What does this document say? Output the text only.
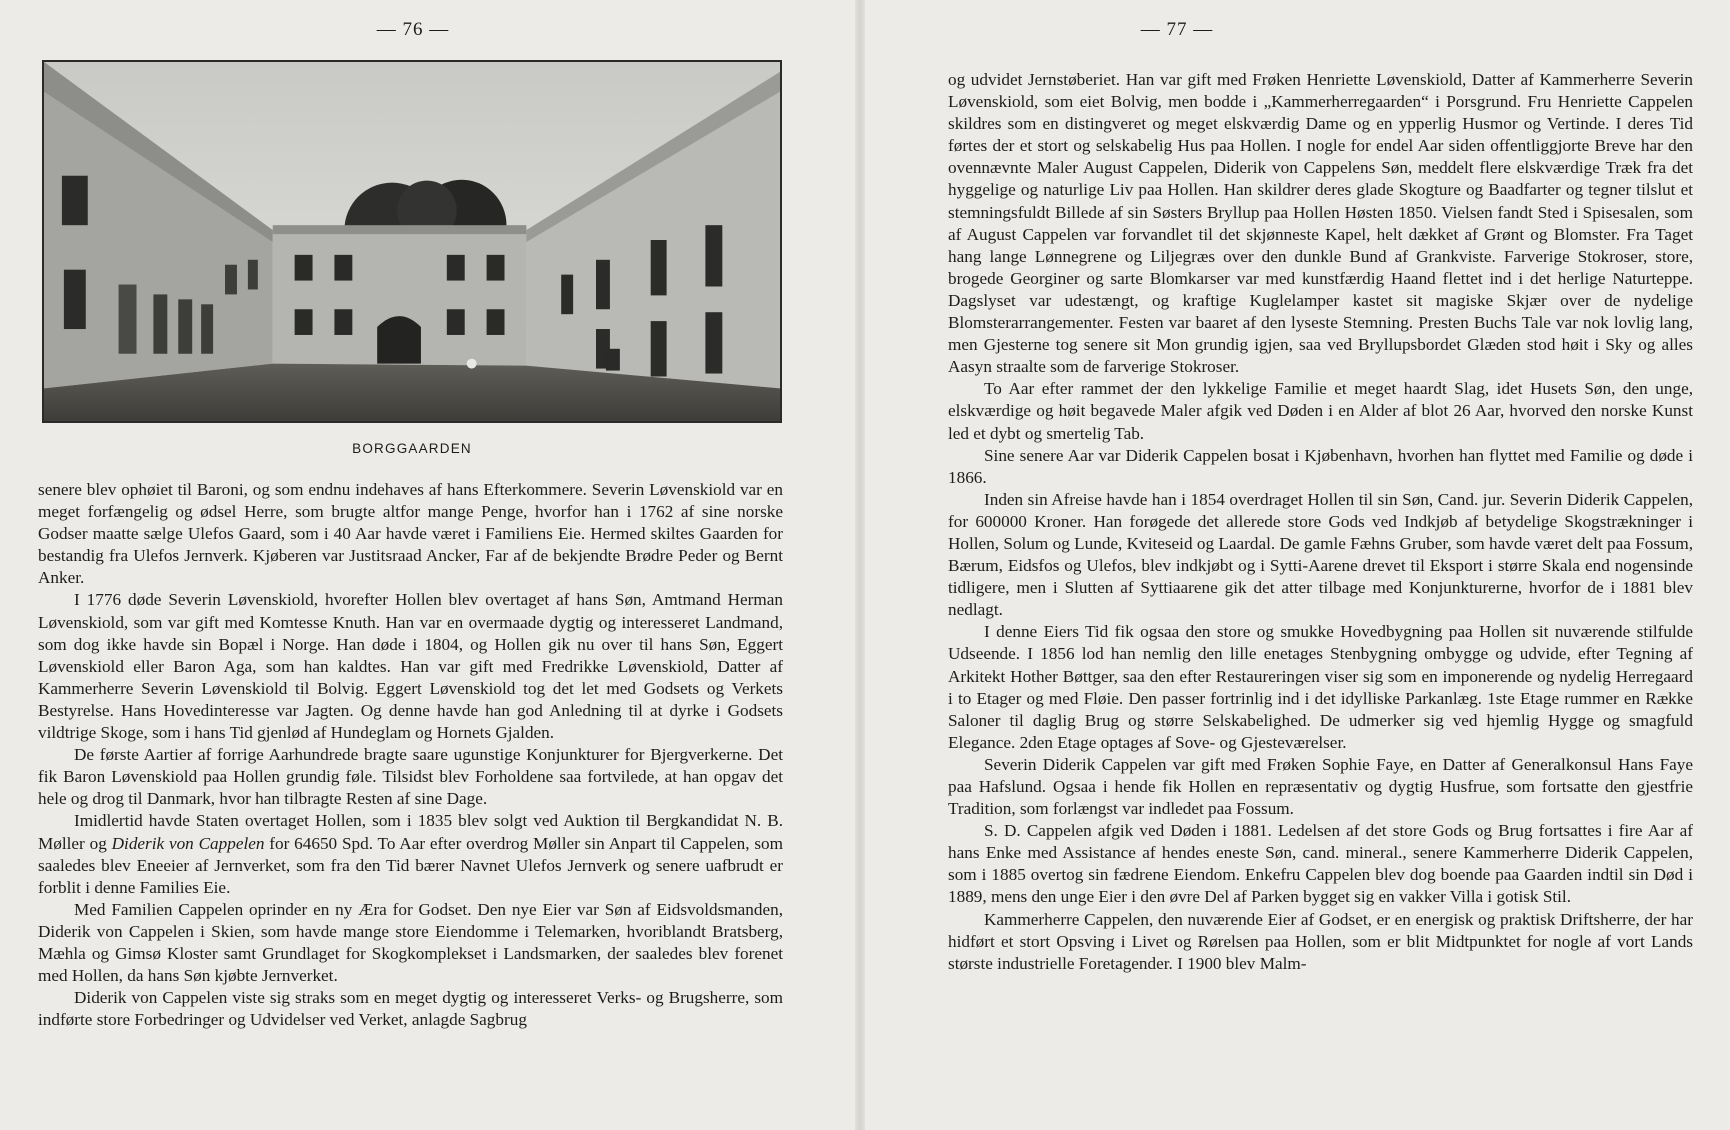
— 76 —
BORGGAARDEN

senere blev ophøiet til Baroni, og som endnu indehaves af hans Efterkommere. Severin Løvenskiold var en meget forfængelig og ødsel Herre, som brugte altfor mange Penge, hvorfor han i 1762 af sine norske Godser maatte sælge Ulefos Gaard, som i 40 Aar havde været i Familiens Eie. Hermed skiltes Gaarden for bestandig fra Ulefos Jernverk. Kjøberen var Justitsraad Ancker, Far af de bekjendte Brødre Peder og Bernt Anker.

I 1776 døde Severin Løvenskiold, hvorefter Hollen blev overtaget af hans Søn, Amtmand Herman Løvenskiold, som var gift med Komtesse Knuth. Han var en overmaade dygtig og interesseret Landmand, som dog ikke havde sin Bopæl i Norge. Han døde i 1804, og Hollen gik nu over til hans Søn, Eggert Løvenskiold eller Baron Aga, som han kaldtes. Han var gift med Fredrikke Løvenskiold, Datter af Kammerherre Severin Løvenskiold til Bolvig. Eggert Løvenskiold tog det let med Godsets og Verkets Bestyrelse. Hans Hovedinteresse var Jagten. Og denne havde han god Anledning til at dyrke i Godsets vildtrige Skoge, som i hans Tid gjenlød af Hundeglam og Hornets Gjalden.

De første Aartier af forrige Aarhundrede bragte saare ugunstige Konjunkturer for Bjergverkerne. Det fik Baron Løvenskiold paa Hollen grundig føle. Tilsidst blev Forholdene saa fortvilede, at han opgav det hele og drog til Danmark, hvor han tilbragte Resten af sine Dage.

Imidlertid havde Staten overtaget Hollen, som i 1835 blev solgt ved Auktion til Bergkandidat N. B. Møller og Diderik von Cappelen for 64650 Spd. To Aar efter overdrog Møller sin Anpart til Cappelen, som saaledes blev Eneeier af Jernverket, som fra den Tid bærer Navnet Ulefos Jernverk og senere uafbrudt er forblit i denne Families Eie.

Med Familien Cappelen oprinder en ny Æra for Godset. Den nye Eier var Søn af Eidsvoldsmanden, Diderik von Cappelen i Skien, som havde mange store Eiendomme i Telemarken, hvoriblandt Bratsberg, Mæhla og Gimsø Kloster samt Grundlaget for Skogkomplekset i Landsmarken, der saaledes blev forenet med Hollen, da hans Søn kjøbte Jernverket.

Diderik von Cappelen viste sig straks som en meget dygtig og interesseret Verks- og Brugsherre, som indførte store Forbedringer og Udvidelser ved Verket, anlagde Sagbrug

— 77 —

og udvidet Jernstøberiet. Han var gift med Frøken Henriette Løvenskiold, Datter af Kammerherre Severin Løvenskiold, som eiet Bolvig, men bodde i „Kammerherregaarden“ i Porsgrund. Fru Henriette Cappelen skildres som en distingveret og meget elskværdig Dame og en ypperlig Husmor og Vertinde. I deres Tid førtes der et stort og selskabelig Hus paa Hollen. I nogle for endel Aar siden offentliggjorte Breve har den ovennævnte Maler August Cappelen, Diderik von Cappelens Søn, meddelt flere elskværdige Træk fra det hyggelige og naturlige Liv paa Hollen. Han skildrer deres glade Skogture og Baadfarter og tegner tilslut et stemningsfuldt Billede af sin Søsters Bryllup paa Hollen Høsten 1850. Vielsen fandt Sted i Spisesalen, som af August Cappelen var forvandlet til det skjønneste Kapel, helt dækket af Grønt og Blomster. Fra Taget hang lange Lønnegrene og Liljegræs over den dunkle Bund af Grankviste. Farverige Stokroser, store, brogede Georginer og sarte Blomkarser var med kunstfærdig Haand flettet ind i det herlige Naturteppe. Dagslyset var udestængt, og kraftige Kuglelamper kastet sit magiske Skjær over de nydelige Blomsterarrangementer. Festen var baaret af den lyseste Stemning. Presten Buchs Tale var nok lovlig lang, men Gjesterne tog senere sit Mon grundig igjen, saa ved Bryllupsbordet Glæden stod høit i Sky og alles Aasyn straalte som de farverige Stokroser.

To Aar efter rammet der den lykkelige Familie et meget haardt Slag, idet Husets Søn, den unge, elskværdige og høit begavede Maler afgik ved Døden i en Alder af blot 26 Aar, hvorved den norske Kunst led et dybt og smertelig Tab.

Sine senere Aar var Diderik Cappelen bosat i Kjøbenhavn, hvorhen han flyttet med Familie og døde i 1866.

Inden sin Afreise havde han i 1854 overdraget Hollen til sin Søn, Cand. jur. Severin Diderik Cappelen, for 600000 Kroner. Han forøgede det allerede store Gods ved Indkjøb af betydelige Skogstrækninger i Hollen, Solum og Lunde, Kviteseid og Laardal. De gamle Fæhns Gruber, som havde været delt paa Fossum, Bærum, Eidsfos og Ulefos, blev indkjøbt og i Sytti-Aarene drevet til Eksport i større Skala end nogensinde tidligere, men i Slutten af Syttiaarene gik det atter tilbage med Konjunkturerne, hvorfor de i 1881 blev nedlagt.

I denne Eiers Tid fik ogsaa den store og smukke Hovedbygning paa Hollen sit nuværende stilfulde Udseende. I 1856 lod han nemlig den lille enetages Stenbygning ombygge og udvide, efter Tegning af Arkitekt Hother Bøttger, saa den efter Restaureringen viser sig som en imponerende og nydelig Herregaard i to Etager og med Fløie. Den passer fortrinlig ind i det idylliske Parkanlæg. 1ste Etage rummer en Række Saloner til daglig Brug og større Selskabelighed. De udmerker sig ved hjemlig Hygge og smagfuld Elegance. 2den Etage optages af Sove- og Gjesteværelser.

Severin Diderik Cappelen var gift med Frøken Sophie Faye, en Datter af Generalkonsul Hans Faye paa Hafslund. Ogsaa i hende fik Hollen en repræsentativ og dygtig Husfrue, som fortsatte den gjestfrie Tradition, som forlængst var indledet paa Fossum.

S. D. Cappelen afgik ved Døden i 1881. Ledelsen af det store Gods og Brug fortsattes i fire Aar af hans Enke med Assistance af hendes eneste Søn, cand. mineral., senere Kammerherre Diderik Cappelen, som i 1885 overtog sin fædrene Eiendom. Enkefru Cappelen blev dog boende paa Gaarden indtil sin Død i 1889, mens den unge Eier i den øvre Del af Parken bygget sig en vakker Villa i gotisk Stil.

Kammerherre Cappelen, den nuværende Eier af Godset, er en energisk og praktisk Driftsherre, der har hidført et stort Opsving i Livet og Rørelsen paa Hollen, som er blit Midtpunktet for nogle af vort Lands største industrielle Foretagender. I 1900 blev Malm-
